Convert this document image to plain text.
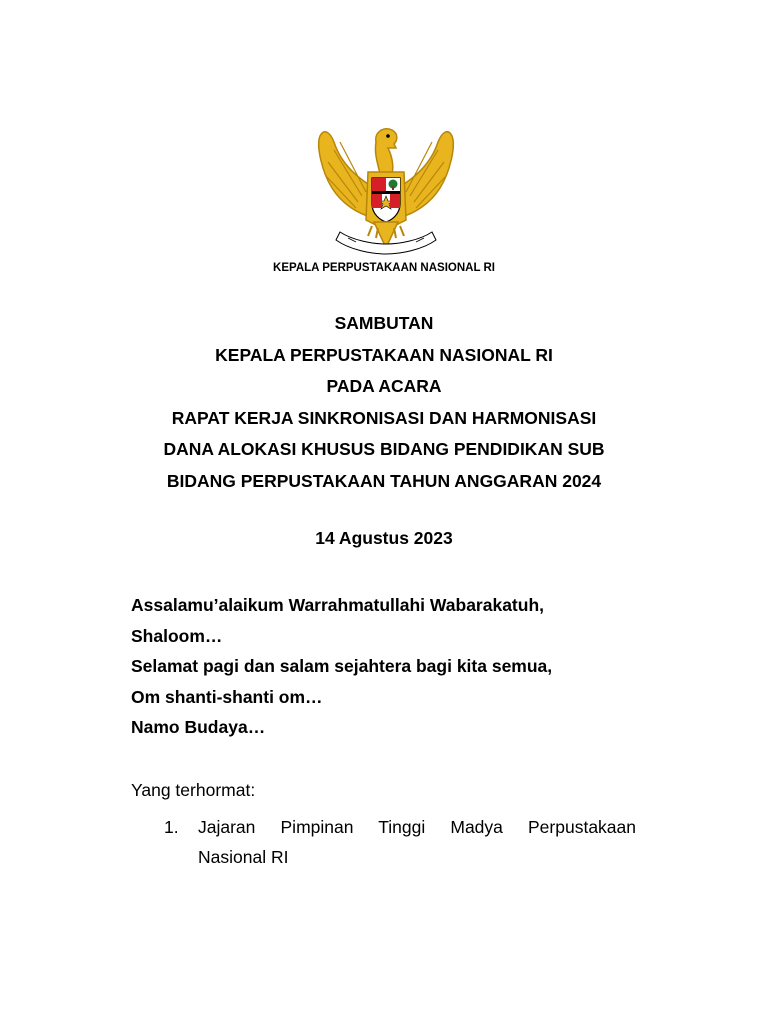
KEPALA PERPUSTAKAAN NASIONAL RI
SAMBUTAN
KEPALA PERPUSTAKAAN NASIONAL RI
PADA ACARA
RAPAT KERJA SINKRONISASI DAN HARMONISASI
DANA ALOKASI KHUSUS BIDANG PENDIDIKAN SUB
BIDANG PERPUSTAKAAN TAHUN ANGGARAN 2024
14 Agustus 2023
Assalamu’alaikum Warrahmatullahi Wabarakatuh,
Shaloom…
Selamat pagi dan salam sejahtera bagi kita semua,
Om shanti-shanti om…
Namo Budaya…
Yang terhormat:
1. Jajaran Pimpinan Tinggi Madya Perpustakaan
Nasional RI
